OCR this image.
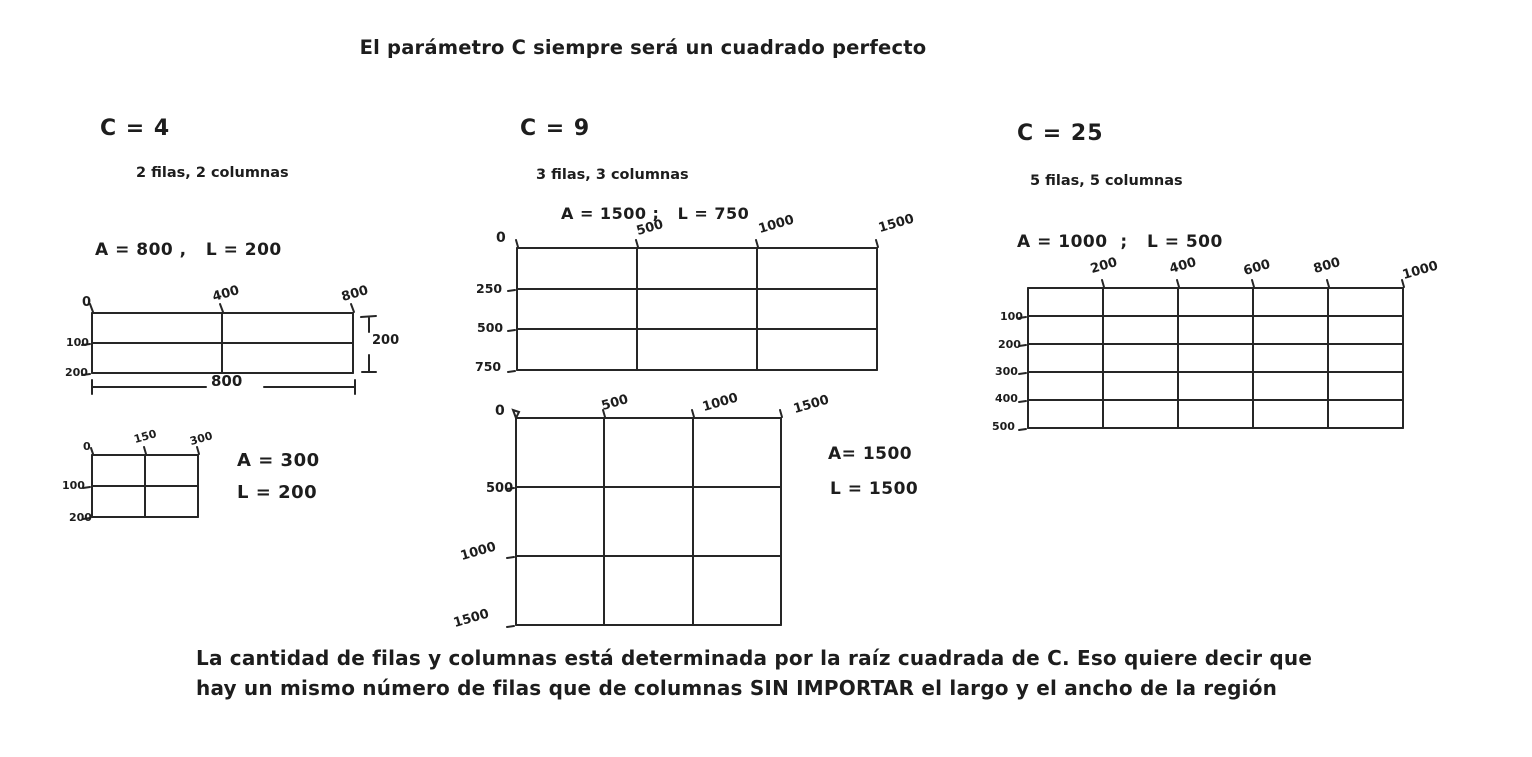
El parámetro C siempre será un cuadrado perfecto
C = 4
2 filas, 2 columnas
A = 800 ,   L = 200
0	400	800
100
200	800
200
0
150	300
100
200
A = 300
L = 200
C = 9
3 filas, 3 columnas
A = 1500 ;   L = 750
0	500	1000	1500
250
500
750
0	500	1000	1500
500
1000
1500
A= 1500
L = 1500
C = 25
5 filas, 5 columnas
A = 1000  ;   L = 500
200	400	600	800	1000
100
200
300
400
500
La cantidad de filas y columnas está determinada por la raíz cuadrada de C. Eso quiere decir que
hay un mismo número de filas que de columnas SIN IMPORTAR el largo y el ancho de la región
